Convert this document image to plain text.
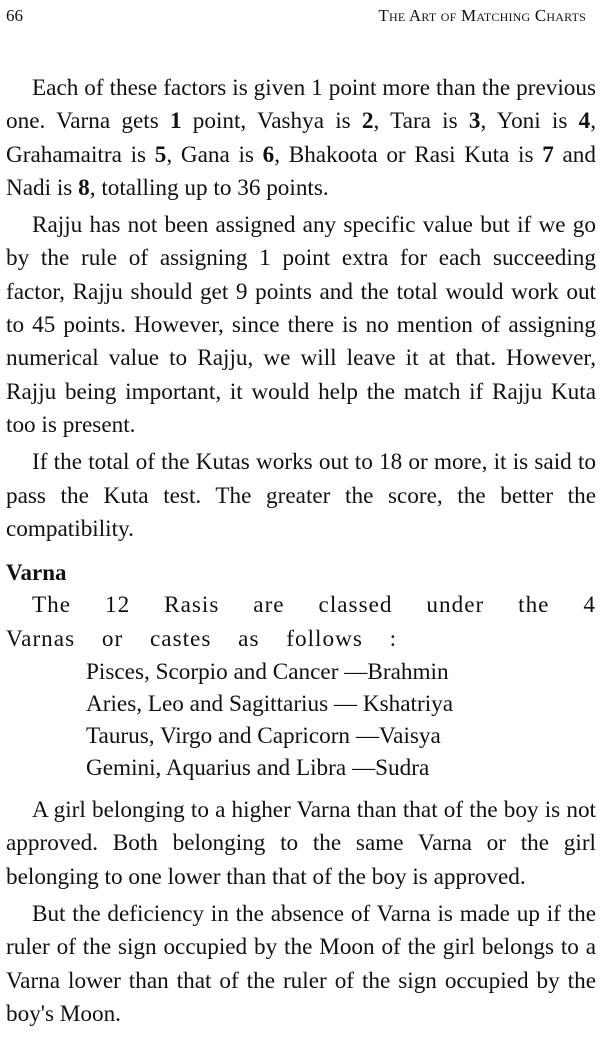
66	The Art of Matching Charts

Each of these factors is given 1 point more than the previous one. Varna gets 1 point, Vashya is 2, Tara is 3, Yoni is 4, Grahamaitra is 5, Gana is 6, Bhakoota or Rasi Kuta is 7 and Nadi is 8, totalling up to 36 points.

Rajju has not been assigned any specific value but if we go by the rule of assigning 1 point extra for each succeeding factor, Rajju should get 9 points and the total would work out to 45 points. However, since there is no mention of assigning numerical value to Rajju, we will leave it at that. However, Rajju being important, it would help the match if Rajju Kuta too is present.

If the total of the Kutas works out to 18 or more, it is said to pass the Kuta test. The greater the score, the better the compatibility.

Varna

The 12 Rasis are classed under the 4 Varnas or castes as follows :

Pisces, Scorpio and Cancer —Brahmin
Aries, Leo and Sagittarius — Kshatriya
Taurus, Virgo and Capricorn —Vaisya
Gemini, Aquarius and Libra —Sudra

A girl belonging to a higher Varna than that of the boy is not approved. Both belonging to the same Varna or the girl belonging to one lower than that of the boy is approved.

But the deficiency in the absence of Varna is made up if the ruler of the sign occupied by the Moon of the girl belongs to a Varna lower than that of the ruler of the sign occupied by the boy's Moon.
